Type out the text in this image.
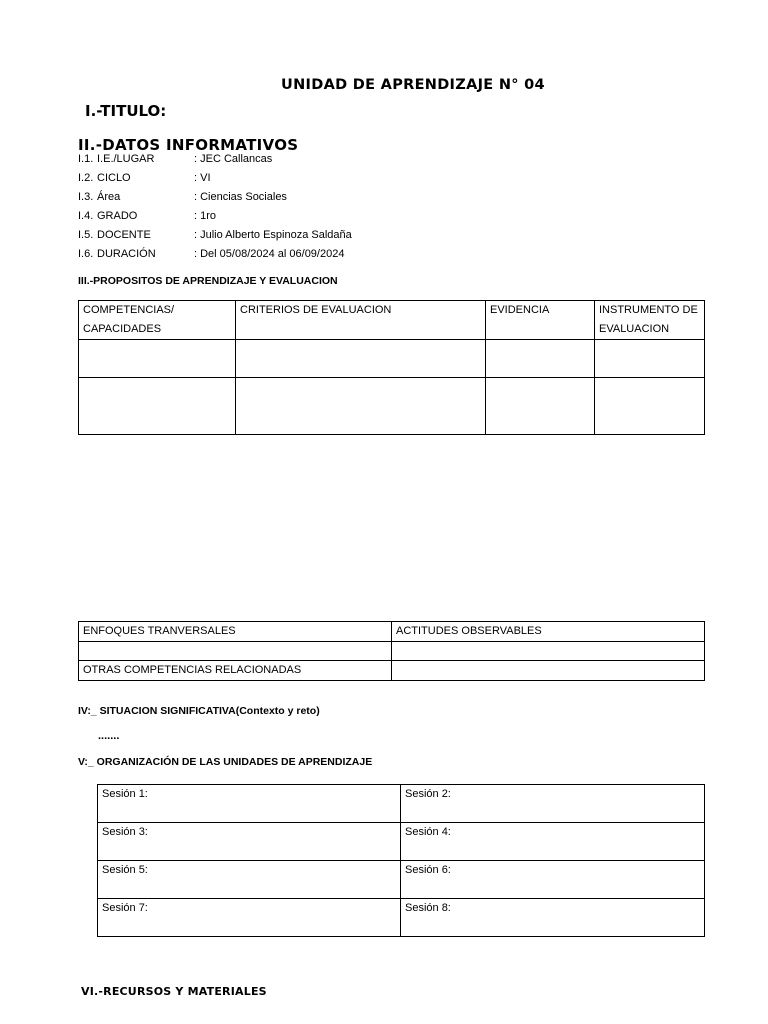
UNIDAD DE APRENDIZAJE N° 04
I.-TITULO:
II.-DATOS INFORMATIVOS
I.1. I.E./LUGAR	: JEC Callancas
I.2. CICLO	: VI
I.3. Área	: Ciencias Sociales
I.4. GRADO	: 1ro
I.5. DOCENTE	: Julio Alberto Espinoza Saldaña
I.6. DURACIÓN	: Del 05/08/2024 al 06/09/2024
III.-PROPOSITOS DE APRENDIZAJE Y EVALUACION
COMPETENCIAS/ CAPACIDADES	CRITERIOS DE EVALUACION	EVIDENCIA	INSTRUMENTO DE EVALUACION

ENFOQUES TRANVERSALES	ACTITUDES OBSERVABLES

OTRAS COMPETENCIAS RELACIONADAS	
IV:_ SITUACION SIGNIFICATIVA(Contexto y reto)
.......
V:_ ORGANIZACIÓN DE LAS UNIDADES DE APRENDIZAJE
Sesión 1:	Sesión 2:
Sesión 3:	Sesión 4:
Sesión 5:	Sesión 6:
Sesión 7:	Sesión 8:
VI.-RECURSOS Y MATERIALES
